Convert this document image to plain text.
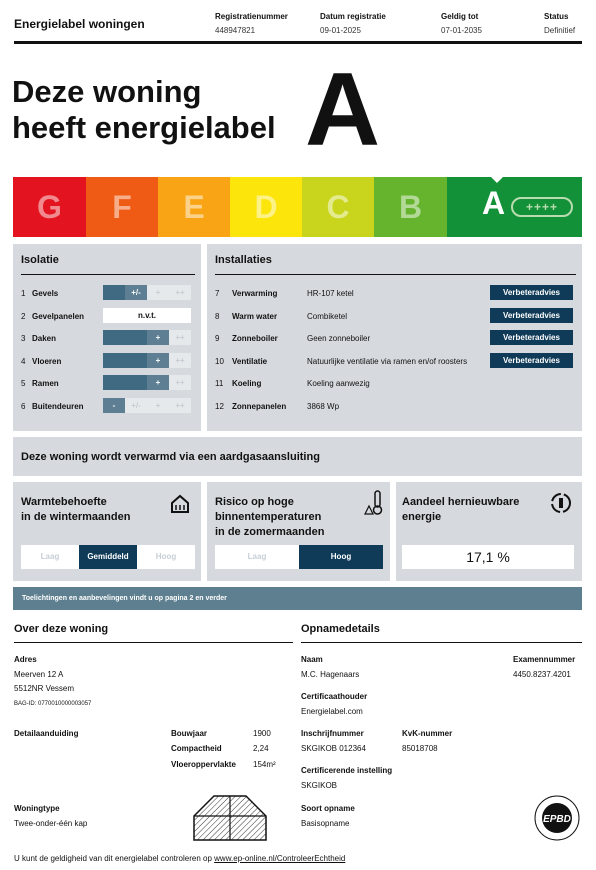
Energielabel woningen
Registratienummer
448947821
Datum registratie
09-01-2025
Geldig tot
07-01-2035
Status
Definitief
Deze woning
heeft energielabel A
G	F	E	D	C	B	A	++++
Isolatie
1 Gevels	+/-	+	++
2 Gevelpanelen	n.v.t.
3 Daken	+	++
4 Vloeren	+	++
5 Ramen	+	++
6 Buitendeuren	-	+/-	+	++
Installaties
7 Verwarming	HR-107 ketel	Verbeteradvies
8 Warm water	Combiketel	Verbeteradvies
9 Zonneboiler	Geen zonneboiler	Verbeteradvies
10 Ventilatie	Natuurlijke ventilatie via ramen en/of roosters	Verbeteradvies
11 Koeling	Koeling aanwezig
12 Zonnepanelen	3868 Wp
Deze woning wordt verwarmd via een aardgasaansluiting
Warmtebehoefte
in de wintermaanden
Laag	Gemiddeld	Hoog
Risico op hoge
binnentemperaturen
in de zomermaanden
Laag	Hoog
Aandeel hernieuwbare
energie
17,1 %
Toelichtingen en aanbevelingen vindt u op pagina 2 en verder
Over deze woning
Adres
Meerven 12 A
5512NR Vessem
BAG-ID: 0770010000003057
Detailaanduiding	Bouwjaar	1900
Compactheid	2,24
Vloeroppervlakte 154m²
Woningtype
Twee-onder-één kap
Opnamedetails
Naam
M.C. Hagenaars
Examennummer
4450.8237.4201
Certificaathouder
Energielabel.com
Inschrijfnummer
SKGIKOB 012364
KvK-nummer
85018708
Certificerende instelling
SKGIKOB
Soort opname
Basisopname	EPBD
U kunt de geldigheid van dit energielabel controleren op www.ep-online.nl/ControleerEchtheid
